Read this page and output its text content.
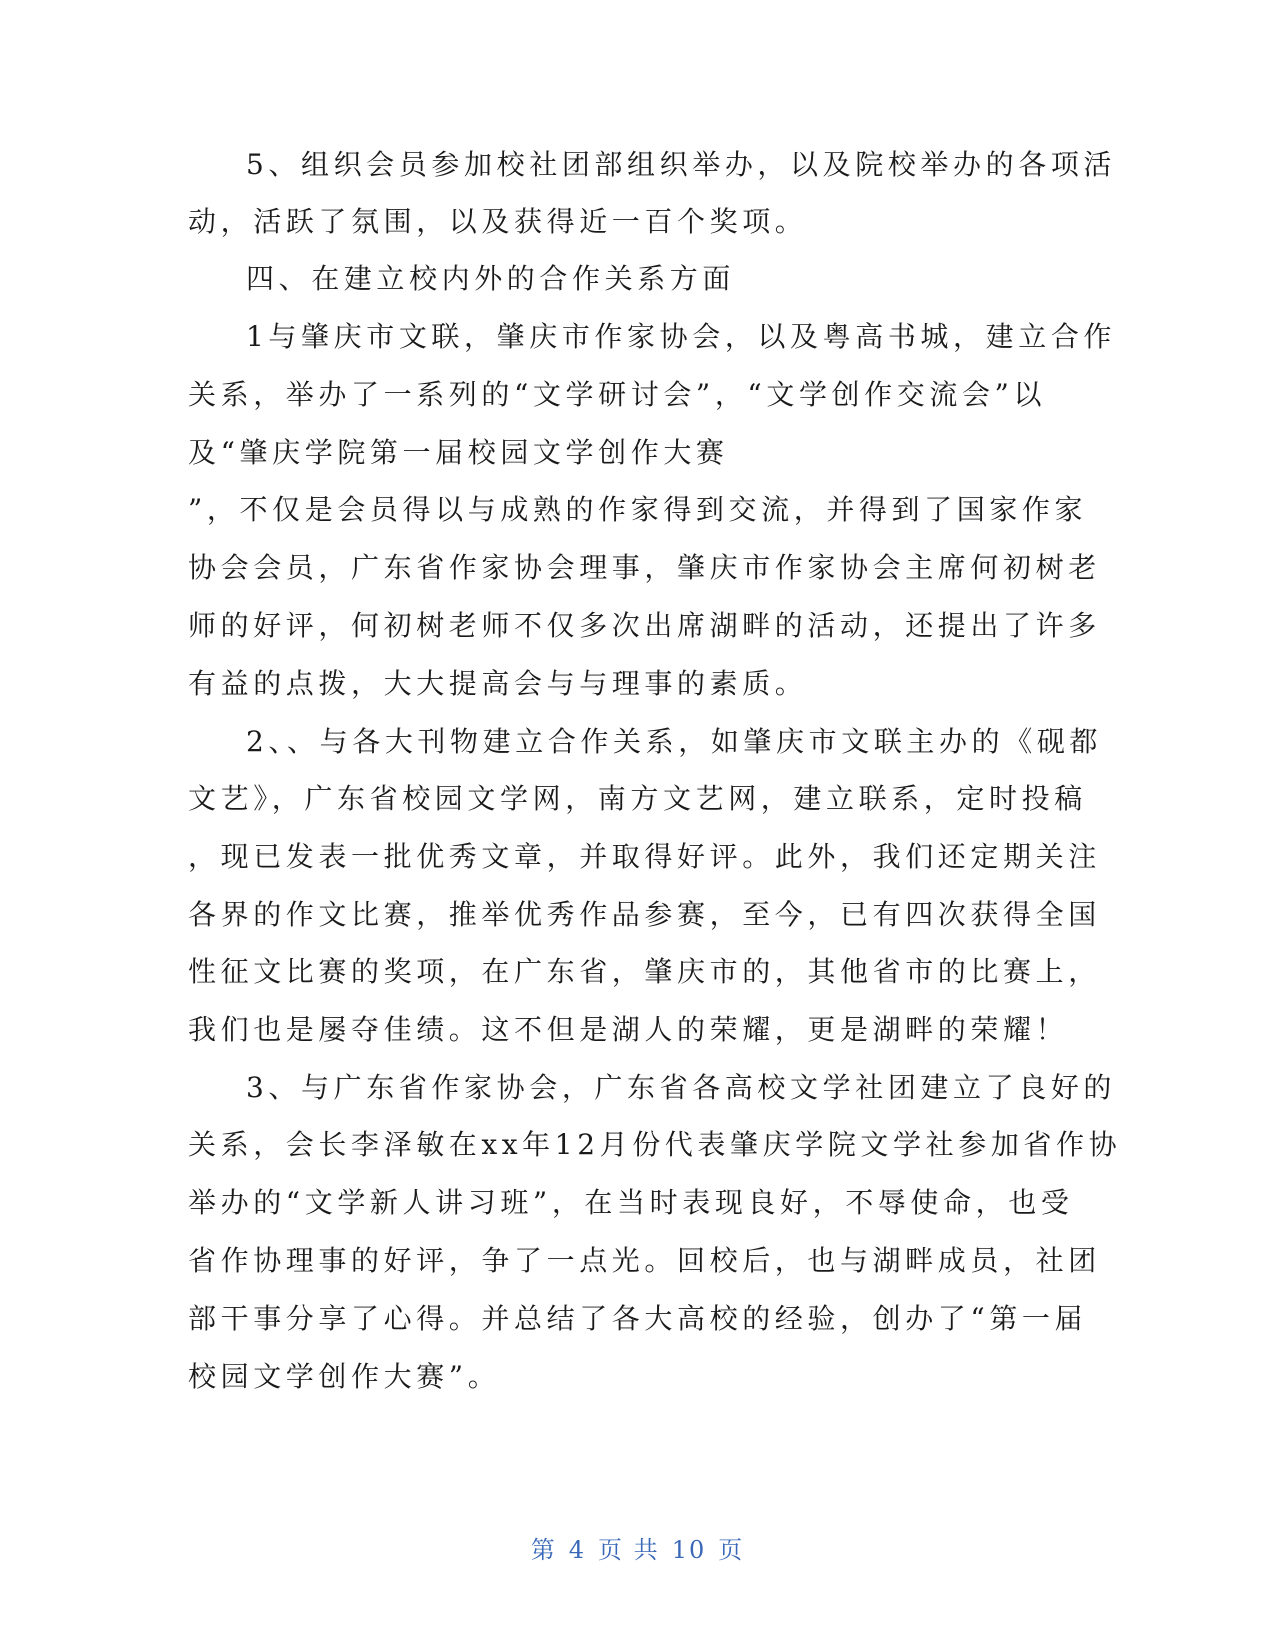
5、组织会员参加校社团部组织举办，以及院校举办的各项活
动，活跃了氛围，以及获得近一百个奖项。
四、在建立校内外的合作关系方面
1与肇庆市文联，肇庆市作家协会，以及粤高书城，建立合作
关系，举办了一系列的“文学研讨会”，“文学创作交流会”以
及“肇庆学院第一届校园文学创作大赛
”，不仅是会员得以与成熟的作家得到交流，并得到了国家作家
协会会员，广东省作家协会理事，肇庆市作家协会主席何初树老
师的好评，何初树老师不仅多次出席湖畔的活动，还提出了许多
有益的点拨，大大提高会与与理事的素质。
2、、与各大刊物建立合作关系，如肇庆市文联主办的《砚都
文艺》，广东省校园文学网，南方文艺网，建立联系，定时投稿
，现已发表一批优秀文章，并取得好评。此外，我们还定期关注
各界的作文比赛，推举优秀作品参赛，至今，已有四次获得全国
性征文比赛的奖项，在广东省，肇庆市的，其他省市的比赛上，
我们也是屡夺佳绩。这不但是湖人的荣耀，更是湖畔的荣耀！
3、与广东省作家协会，广东省各高校文学社团建立了良好的
关系，会长李泽敏在xx年12月份代表肇庆学院文学社参加省作协
举办的“文学新人讲习班”，在当时表现良好，不辱使命，也受
省作协理事的好评，争了一点光。回校后，也与湖畔成员，社团
部干事分享了心得。并总结了各大高校的经验，创办了“第一届
校园文学创作大赛”。
第 4 页 共 10 页
